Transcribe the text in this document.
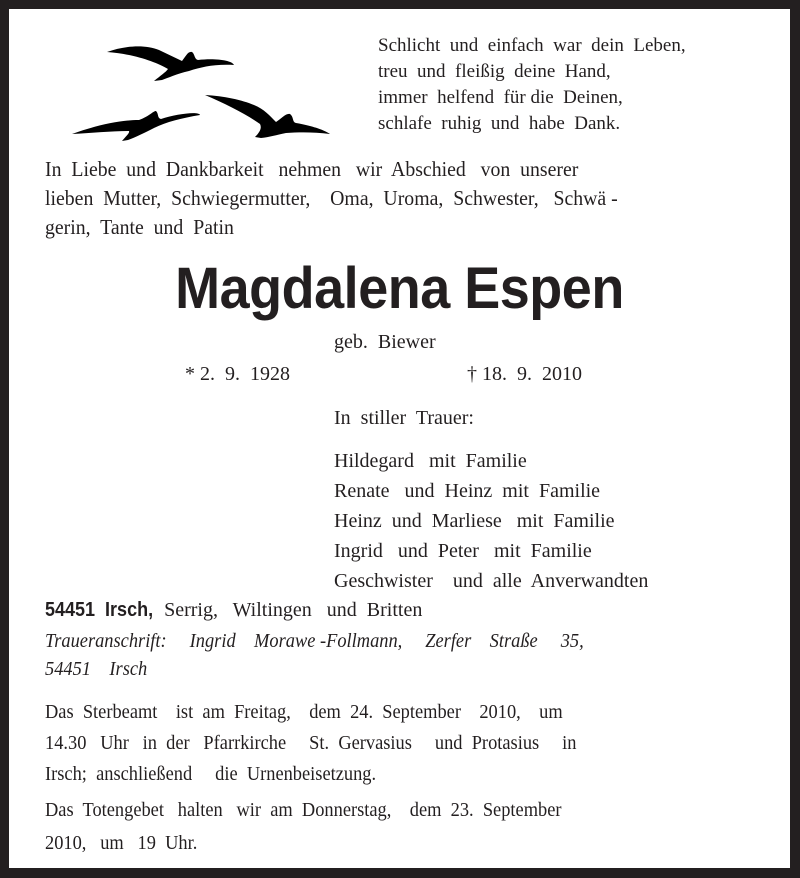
Schlicht  und  einfach  war  dein  Leben,
treu  und  fleißig  deine  Hand,
immer  helfend  für die  Deinen,
schlafe  ruhig  und  habe  Dank.
In  Liebe  und  Dankbarkeit   nehmen   wir  Abschied   von  unserer
lieben  Mutter,  Schwiegermutter,    Oma,  Uroma,  Schwester,   Schwä -
gerin,  Tante  und  Patin
Magdalena Espen
geb.  Biewer
* 2.  9.  1928	† 18.  9.  2010
In  stiller  Trauer:
Hildegard   mit  Familie
Renate   und  Heinz  mit  Familie
Heinz  und  Marliese   mit  Familie
Ingrid   und  Peter   mit  Familie
Geschwister    und  alle  Anverwandten
54451  Irsch, Serrig,   Wiltingen   und  Britten
Traueranschrift:     Ingrid    Morawe -Follmann,     Zerfer    Straße     35,
54451    Irsch
Das  Sterbeamt    ist  am  Freitag,    dem  24.  September    2010,    um
14.30   Uhr   in  der   Pfarrkirche     St.  Gervasius     und  Protasius     in
Irsch;  anschließend     die  Urnenbeisetzung.
Das  Totengebet   halten   wir  am  Donnerstag,    dem  23.  September
2010,   um   19  Uhr.
